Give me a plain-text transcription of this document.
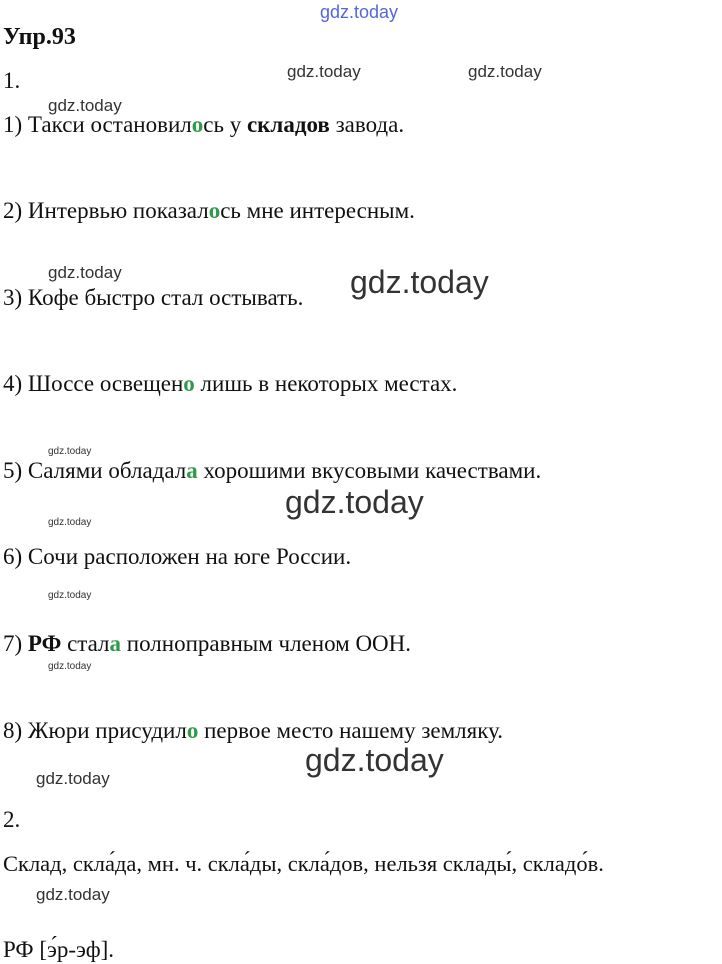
gdz.today
gdz.today	gdz.today
gdz.today
gdz.today	gdz.today
gdz.today
gdz.today
gdz.today
gdz.today
gdz.today
gdz.today
gdz.today
gdz.today
Упр.93
1.
1) Такси остановилось у складов завода.
2) Интервью показалось мне интересным.
3) Кофе быстро стал остывать.
4) Шоссе освещено лишь в некоторых местах.
5) Салями обладала хорошими вкусовыми качествами.
6) Сочи расположен на юге России.
7) РФ стала полноправным членом ООН.
8) Жюри присудило первое место нашему земляку.
2.
Склад, скла́да, мн. ч. скла́ды, скла́дов, нельзя склады́, складо́в.
РФ [э́р-эф].
